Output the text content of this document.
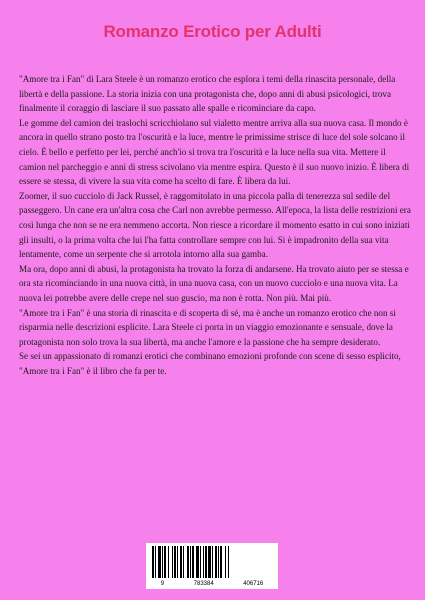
Romanzo Erotico per Adulti

"Amore tra i Fan" di Lara Steele è un romanzo erotico che esplora i temi della rinascita personale, della libertà e della passione. La storia inizia con una protagonista che, dopo anni di abusi psicologici, trova finalmente il coraggio di lasciare il suo passato alle spalle e ricominciare da capo.

Le gomme del camion dei traslochi scricchiolano sul vialetto mentre arriva alla sua nuova casa. Il mondo è ancora in quello strano posto tra l'oscurità e la luce, mentre le primissime strisce di luce del sole solcano il cielo. È bello e perfetto per lei, perché anch'io si trova tra l'oscurità e la luce nella sua vita. Mettere il camion nel parcheggio e anni di stress scivolano via mentre espira. Questo è il suo nuovo inizio. È libera di essere se stessa, di vivere la sua vita come ha scelto di fare. È libera da lui.

Zoomer, il suo cucciolo di Jack Russel, è raggomitolato in una piccola palla di tenerezza sul sedile del passeggero. Un cane era un'altra cosa che Carl non avrebbe permesso. All'epoca, la lista delle restrizioni era così lunga che non se ne era nemmeno accorta. Non riesce a ricordare il momento esatto in cui sono iniziati gli insulti, o la prima volta che lui l'ha fatta controllare sempre con lui. Si è impadronito della sua vita lentamente, come un serpente che si arrotola intorno alla sua gamba.

Ma ora, dopo anni di abusi, la protagonista ha trovato la forza di andarsene. Ha trovato aiuto per se stessa e ora sta ricominciando in una nuova città, in una nuova casa, con un nuovo cucciolo e una nuova vita. La nuova lei potrebbe avere delle crepe nel suo guscio, ma non è rotta. Non più. Mai più.

"Amore tra i Fan" è una storia di rinascita e di scoperta di sé, ma è anche un romanzo erotico che non si risparmia nelle descrizioni esplicite. Lara Steele ci porta in un viaggio emozionante e sensuale, dove la protagonista non solo trova la sua libertà, ma anche l'amore e la passione che ha sempre desiderato.

Se sei un appassionato di romanzi erotici che combinano emozioni profonde con scene di sesso esplicito, "Amore tra i Fan" è il libro che fa per te.

9	783384	406716
